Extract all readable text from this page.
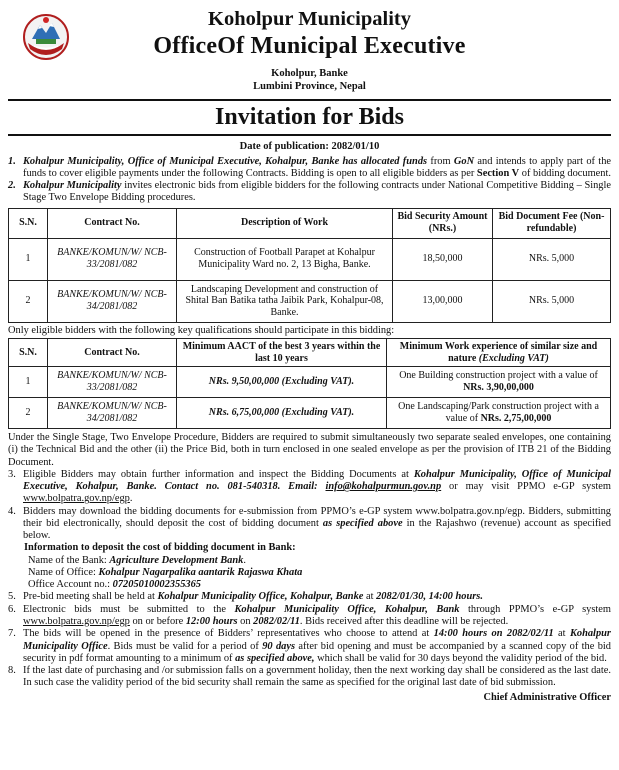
Koholpur Municipality
OfficeOf Municipal Executive
Koholpur, Banke
Lumbini Province, Nepal
Invitation for Bids
Date of publication: 2082/01/10
1. Kohalpur Municipality, Office of Municipal Executive, Kohalpur, Banke has allocated funds from GoN and intends to apply part of the funds to cover eligible payments under the following Contracts. Bidding is open to all eligible bidders as per Section V of bidding document.

2. Kohalpur Municipality invites electronic bids from eligible bidders for the following contracts under National Competitive Bidding – Single Stage Two Envelope Bidding procedures.

S.N.	Contract No.	Description of Work	Bid Security Amount (NRs.)	Bid Document Fee (Non-refundable)
1	BANKE/KOMUN/W/ NCB-33/2081/082	Construction of Football Parapet at Kohalpur Municipality Ward no. 2, 13 Bigha, Banke.	18,50,000	NRs. 5,000
2	BANKE/KOMUN/W/ NCB-34/2081/082	Landscaping Development and construction of Shital Ban Batika tatha Jaibik Park, Kohalpur-08, Banke.	13,00,000	NRs. 5,000

Only eligible bidders with the following key qualifications should participate in this bidding:

S.N.	Contract No.	Minimum AACT of the best 3 years within the last 10 years	Minimum Work experience of similar size and nature (Excluding VAT)
1	BANKE/KOMUN/W/ NCB-33/2081/082	NRs. 9,50,00,000 (Excluding VAT).	One Building construction project with a value of NRs. 3,90,00,000
2	BANKE/KOMUN/W/ NCB-34/2081/082	NRs. 6,75,00,000 (Excluding VAT).	One Landscaping/Park construction project with a value of NRs. 2,75,00,000

Under the Single Stage, Two Envelope Procedure, Bidders are required to submit simultaneously two separate sealed envelopes, one containing (i) the Technical Bid and the other (ii) the Price Bid, both in turn enclosed in one sealed envelope as per the provision of ITB 21 of the Bidding Document.

3. Eligible Bidders may obtain further information and inspect the Bidding Documents at Kohalpur Municipality, Office of Municipal Executive, Kohalpur, Banke. Contact no. 081-540318. Email: info@kohalpurmun.gov.np or may visit PPMO e-GP system www.bolpatra.gov.np/egp.

4. Bidders may download the bidding documents for e-submission from PPMO’s e-GP system www.bolpatra.gov.np/egp. Bidders, submitting their bid electronically, should deposit the cost of bidding document as specified above in the Rajashwo (revenue) account as specified below.

Information to deposit the cost of bidding document in Bank:
Name of the Bank: Agriculture Development Bank.
Name of Office: Kohalpur Nagarpalika aantarik Rajaswa Khata
Office Account no.: 07205010002355365
5. Pre-bid meeting shall be held at Kohalpur Municipality Office, Kohalpur, Banke at 2082/01/30, 14:00 hours.

6. Electronic bids must be submitted to the Kohalpur Municipality Office, Kohalpur, Bank through PPMO’s e-GP system www.bolpatra.gov.np/egp on or before 12:00 hours on 2082/02/11. Bids received after this deadline will be rejected.

7. The bids will be opened in the presence of Bidders’ representatives who choose to attend at 14:00 hours on 2082/02/11 at Kohalpur Municipality Office. Bids must be valid for a period of 90 days after bid opening and must be accompanied by a scanned copy of the bid security in pdf format amounting to a minimum of as specified above, which shall be valid for 30 days beyond the validity period of the bid.

8. If the last date of purchasing and /or submission falls on a government holiday, then the next working day shall be considered as the last date. In such case the validity period of the bid security shall remain the same as specified for the original last date of bid submission.

Chief Administrative Officer
